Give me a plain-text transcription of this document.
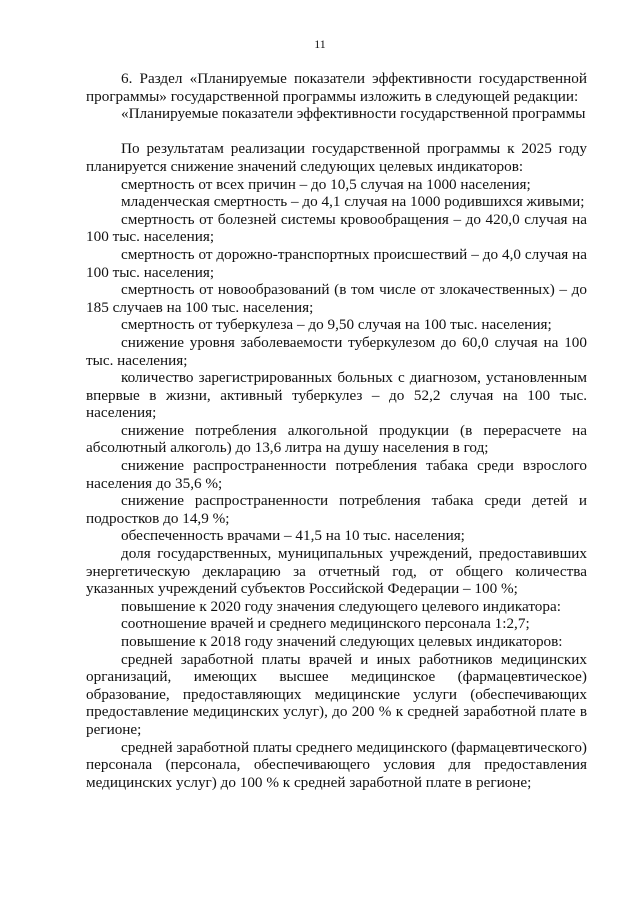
11

6. Раздел «Планируемые показатели эффективности государственной программы» государственной программы изложить в следующей редакции:

«Планируемые показатели эффективности государственной программы

По результатам реализации государственной программы к 2025 году планируется снижение значений следующих целевых индикаторов:

смертность от всех причин – до 10,5 случая на 1000 населения;

младенческая смертность – до 4,1 случая на 1000 родившихся живыми;

смертность от болезней системы кровообращения – до 420,0 случая на 100 тыс. населения;

смертность от дорожно-транспортных происшествий – до 4,0 случая на 100 тыс. населения;

смертность от новообразований (в том числе от злокачественных) – до 185 случаев на 100 тыс. населения;

смертность от туберкулеза – до 9,50 случая на 100 тыс. населения;

снижение уровня заболеваемости туберкулезом до 60,0 случая на 100 тыс. населения;

количество зарегистрированных больных с диагнозом, установленным впервые в жизни, активный туберкулез – до 52,2 случая на 100 тыс. населения;

снижение потребления алкогольной продукции (в перерасчете на абсолютный алкоголь) до 13,6 литра на душу населения в год;

снижение распространенности потребления табака среди взрослого населения до 35,6 %;

снижение распространенности потребления табака среди детей и подростков до 14,9 %;

обеспеченность врачами – 41,5 на 10 тыс. населения;

доля государственных, муниципальных учреждений, предоставивших энергетическую декларацию за отчетный год, от общего количества указанных учреждений субъектов Российской Федерации – 100 %;

повышение к 2020 году значения следующего целевого индикатора:

соотношение врачей и среднего медицинского персонала 1:2,7;

повышение к 2018 году значений следующих целевых индикаторов:

средней заработной платы врачей и иных работников медицинских организаций, имеющих высшее медицинское (фармацевтическое) образование, предоставляющих медицинские услуги (обеспечивающих предоставление медицинских услуг), до 200 % к средней заработной плате в регионе;

средней заработной платы среднего медицинского (фармацевтического) персонала (персонала, обеспечивающего условия для предоставления медицинских услуг) до 100 % к средней заработной плате в регионе;
